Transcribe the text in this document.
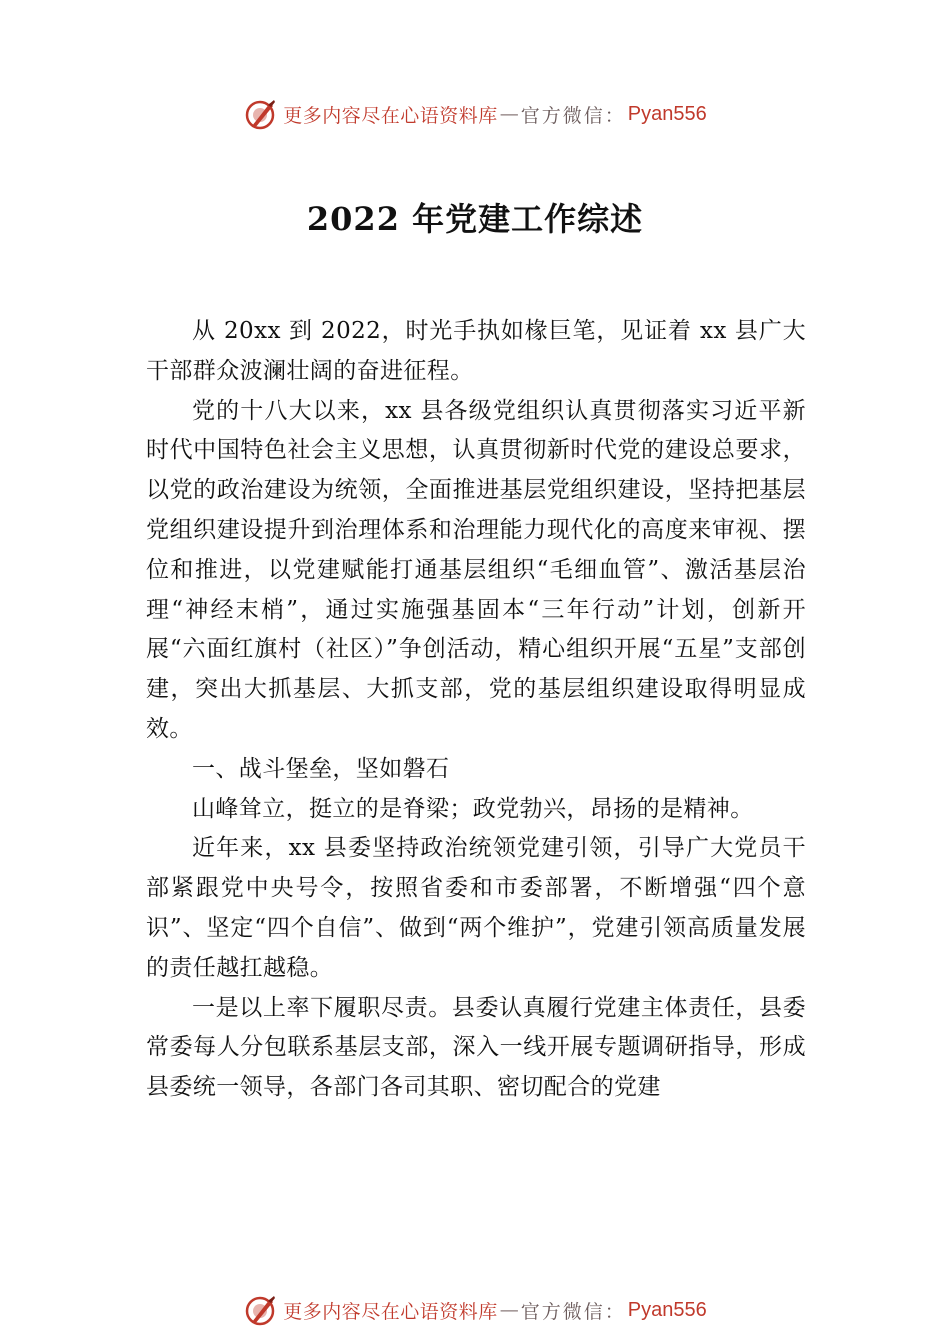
更多内容尽在心语资料库 — 官方微信： Pyan556
2022 年党建工作综述

从 20xx 到 2022，时光手执如椽巨笔，见证着 xx 县广大干部群众波澜壮阔的奋进征程。

党的十八大以来，xx 县各级党组织认真贯彻落实习近平新时代中国特色社会主义思想，认真贯彻新时代党的建设总要求，以党的政治建设为统领，全面推进基层党组织建设，坚持把基层党组织建设提升到治理体系和治理能力现代化的高度来审视、摆位和推进，以党建赋能打通基层组织“毛细血管”、激活基层治理“神经末梢”，通过实施强基固本“三年行动”计划，创新开展“六面红旗村（社区）”争创活动，精心组织开展“五星”支部创建，突出大抓基层、大抓支部，党的基层组织建设取得明显成效。

一、战斗堡垒，坚如磐石

山峰耸立，挺立的是脊梁；政党勃兴，昂扬的是精神。

近年来，xx 县委坚持政治统领党建引领，引导广大党员干部紧跟党中央号令，按照省委和市委部署，不断增强“四个意识”、坚定“四个自信”、做到“两个维护”，党建引领高质量发展的责任越扛越稳。

一是以上率下履职尽责。县委认真履行党建主体责任，县委常委每人分包联系基层支部，深入一线开展专题调研指导，形成县委统一领导，各部门各司其职、密切配合的党建

更多内容尽在心语资料库 — 官方微信： Pyan556
